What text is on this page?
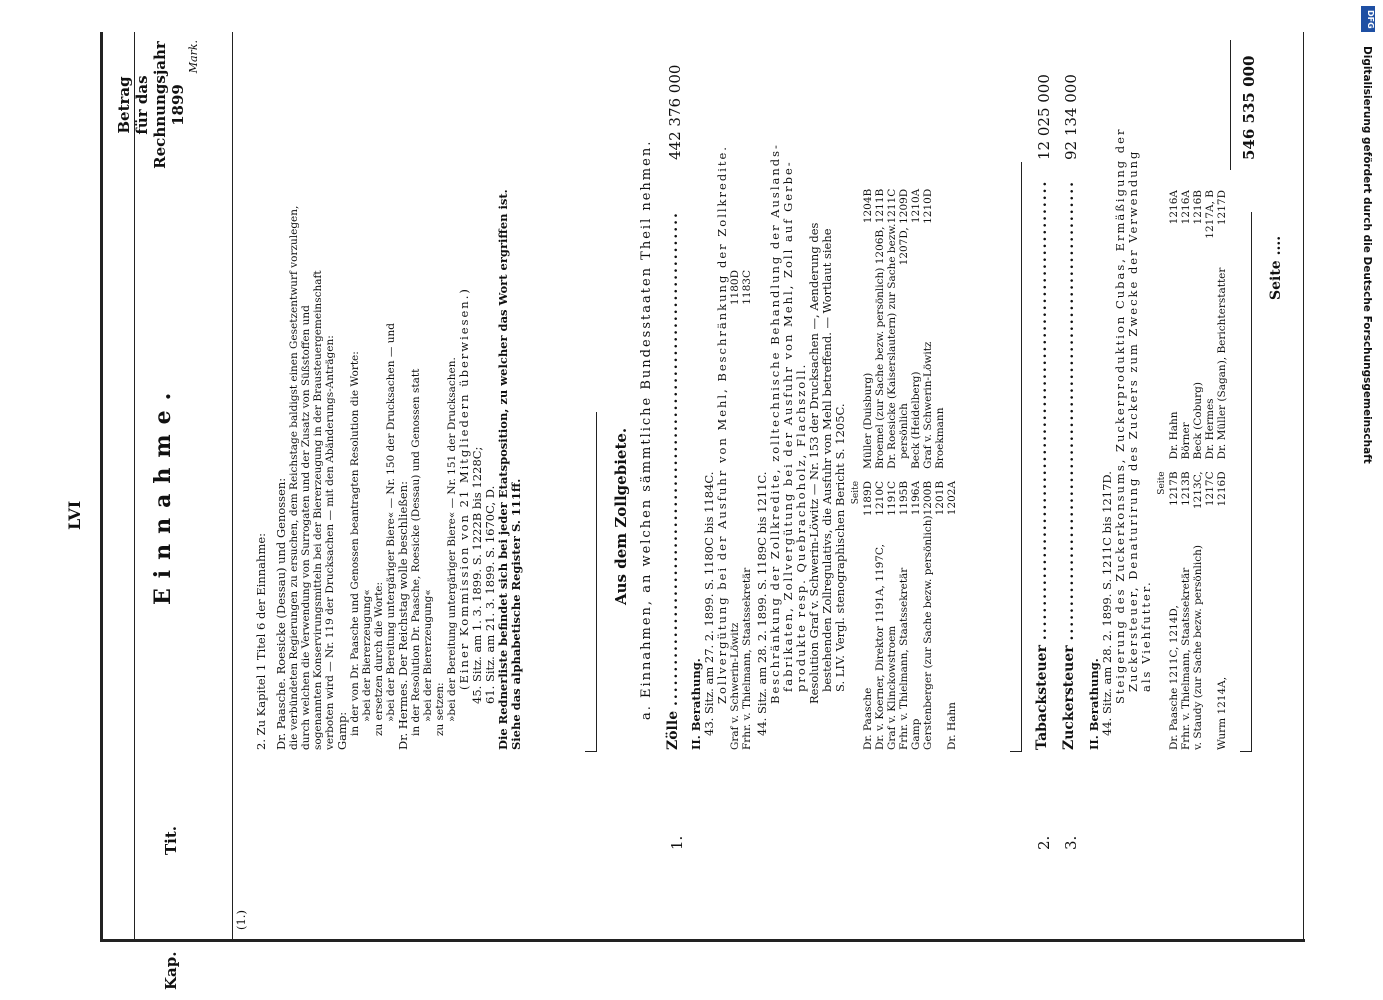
LVI	Einnahme.
Kap.
Tit.
Betrag für das Rechnungsjahr 1899
Mark.
(1.)
2. Zu Kapitel 1 Titel 6 der Einnahme: Dr. Paasche. Roesicke (Dessau) und Genossen: die verbündeten Regierungen zu ersuchen, dem Reichstage baldigst einen Gesetzentwurf vorzulegen, durch welchen die Verwendung von Surrogaten und der Zusatz von Süßstoffen und sogenannten Konservirungsmitteln bei der Biererzeugung in der Brausteuergemeinschaft verboten wird — Nr. 119 der Drucksachen — mit den Abänderungs-Anträgen: Gamp: in der von Dr. Paasche und Genossen beantragten Resolution die Worte: »bei der Biererzeugung« zu ersetzen durch die Worte: »bei der Bereitung untergäriger Biere« — Nr. 150 der Drucksachen — und Dr. Hermes. Der Reichstag wolle beschließen: in der Resolution Dr. Paasche, Roesicke (Dessau) und Genossen statt »bei der Biererzeugung« zu setzen: »bei der Bereitung untergäriger Biere« — Nr. 151 der Drucksachen. (Einer Kommission von 21 Mitgliedern überwiesen.) 45. Sitz. am 1. 3. 1899. S. 1222B bis 1228C; 61. Sitz. am 21. 3. 1899. S. 1670C, D. Die Rednerliste befindet sich bei jeder Etatsposition, zu welcher das Wort ergriffen ist. Siehe das alphabetische Register S. 111ff.	Aus dem Zollgebiete. a. Einnahmen, an welchen sämmtliche Bundesstaaten Theil nehmen.
1.
Zölle ........................................................................
442 376 000
II. Berathung. 43. Sitz. am 27. 2. 1899. S. 1180C bis 1184C. Zollvergütung bei der Ausfuhr von Mehl, Beschränkung der Zollkredite. Graf v. Schwerin-Löwitz
1180D
Frhr. v. Thielmann, Staatssekretär
1183C
44. Sitz. am 28. 2. 1899. S. 1189C bis 1211C. Beschränkung der Zollkredite, zolltechnische Behandlung der Auslands- fabrikaten, Zollvergütung bei der Ausfuhr von Mehl, Zoll auf Gerbe- produkte resp. Quebrachoholz, Flachszoll. Resolution Graf v. Schwerin-Löwitz — Nr. 153 der Drucksachen —, Aenderung des bestehenden Zollregulativs, die Ausfuhr von Mehl betreffend. — Wortlaut siehe S. LIV. Vergl. stenographischen Bericht S. 1205C. Seite
Dr. Paasche
1189D
Dr. v. Koerner, Direktor 1191A, 1197C,
1210C
Graf v. Klinckowstroem
1191C
Frhr. v. Thielmann, Staatssekretär
1195B
Gamp
1196A
Gerstenberger (zur Sache bezw. persönlich)
1200B 1201B
Dr. Hahn
1202A
Müller (Duisburg)
1204B
Broemel (zur Sache bezw. persönlich) 1206B,
1211B
Dr. Roesicke (Kaiserslautern) zur Sache bezw.
1211C
persönlich
1207D, 1209D
Beck (Heidelberg)
1210A
Graf v. Schwerin-Löwitz
1210D
Broekmann
2.
Tabacksteuer ...................................................................
12 025 000
3.
Zuckersteuer ...................................................................
92 134 000
II. Berathung. 44. Sitz. am 28. 2. 1899. S. 1211C bis 1217D. Steigerung des Zuckerkonsums, Zuckerproduktion Cubas, Ermäßigung der Zuckersteuer, Denaturirung des Zuckers zum Zwecke der Verwendung als Viehfutter.
Seite
Dr. Paasche 1211C, 1214D,
1217B
Frhr. v. Thielmann, Staatssekretär
1213B
v. Staudy (zur Sache bezw. persönlich)
1213C, 1217C
Wurm 1214A,
1216D
Dr. Hahn
1216A
Börner
1216A
Beck (Coburg)
1216B
Dr. Hermes
1217A, B
Dr. Müller (Sagan), Berichterstatter
1217D
Seite ....
546 535 000
DFG
Digitalisierung gefördert durch die Deutsche Forschungsgemeinschaft
